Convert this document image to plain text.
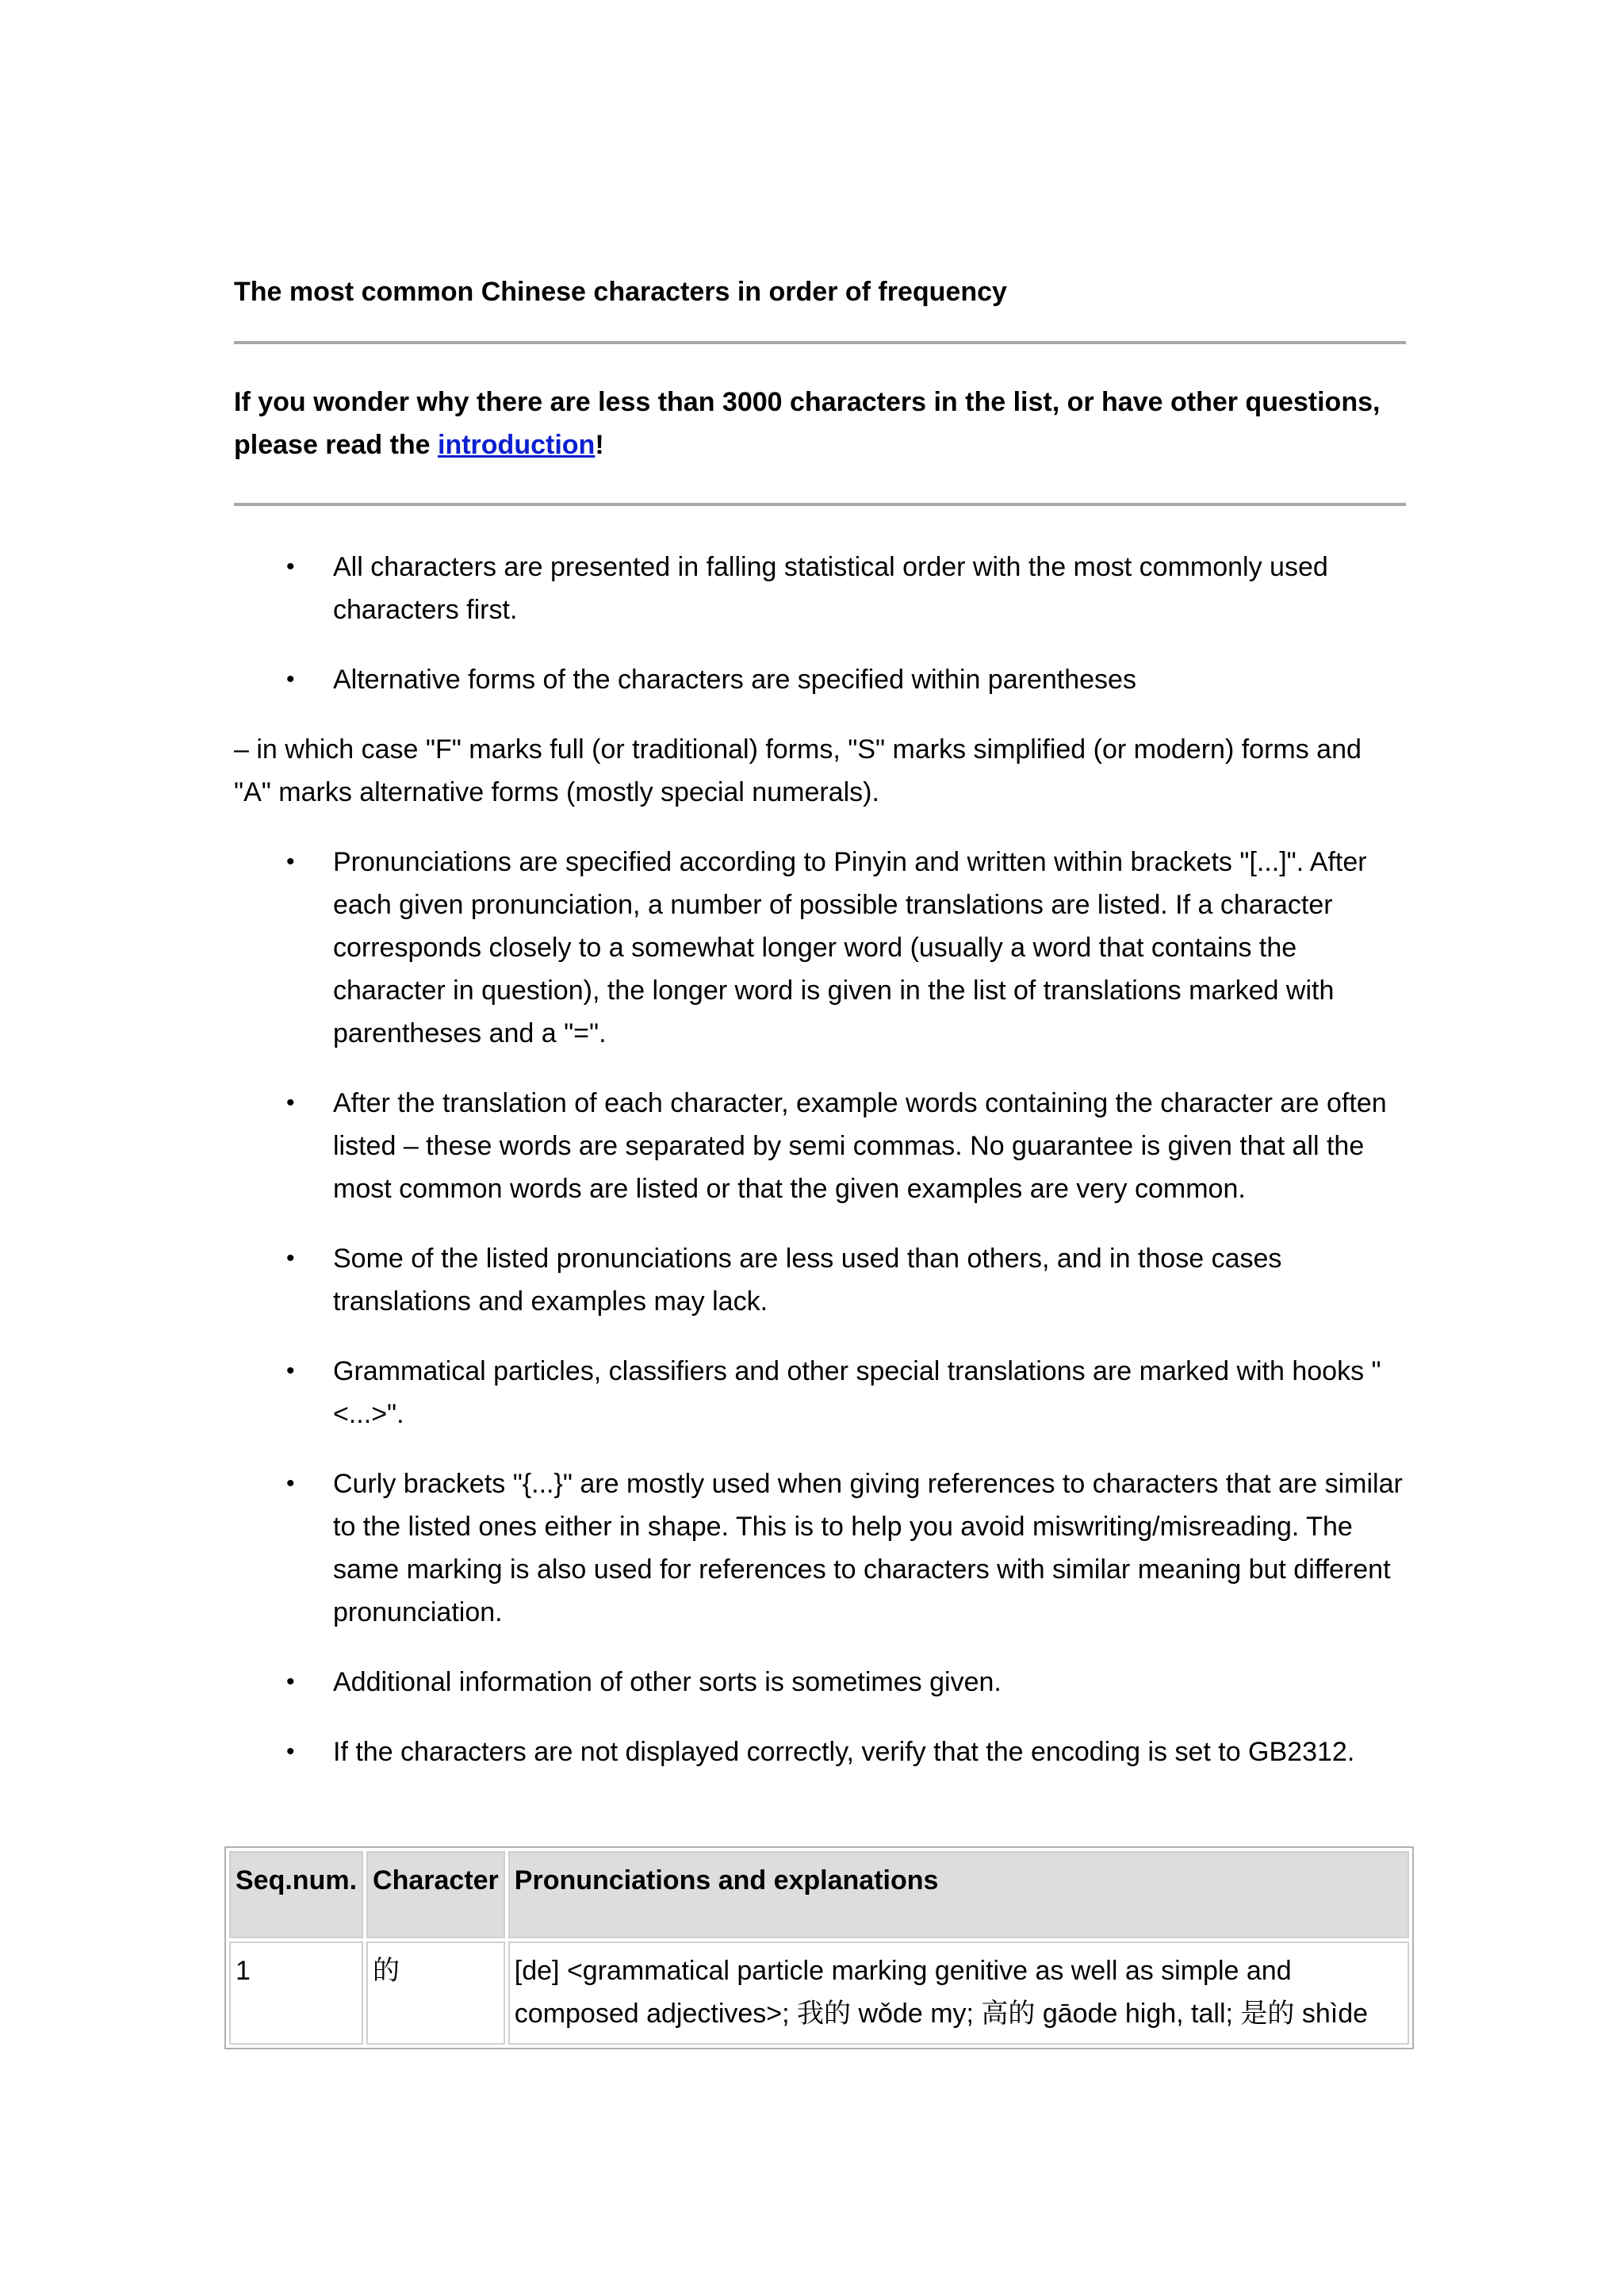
The most common Chinese characters in order of frequency

If you wonder why there are less than 3000 characters in the list, or have other questions, please read the introduction!

• All characters are presented in falling statistical order with the most commonly used characters first.
• Alternative forms of the characters are specified within parentheses

– in which case "F" marks full (or traditional) forms, "S" marks simplified (or modern) forms and "A" marks alternative forms (mostly special numerals).

• Pronunciations are specified according to Pinyin and written within brackets "[...]". After each given pronunciation, a number of possible translations are listed. If a character corresponds closely to a somewhat longer word (usually a word that contains the character in question), the longer word is given in the list of translations marked with parentheses and a "=".
• After the translation of each character, example words containing the character are often listed – these words are separated by semi commas. No guarantee is given that all the most common words are listed or that the given examples are very common.
• Some of the listed pronunciations are less used than others, and in those cases translations and examples may lack.
• Grammatical particles, classifiers and other special translations are marked with hooks "<...>".
• Curly brackets "{...}" are mostly used when giving references to characters that are similar to the listed ones either in shape. This is to help you avoid miswriting/misreading. The same marking is also used for references to characters with similar meaning but different pronunciation.
• Additional information of other sorts is sometimes given.
• If the characters are not displayed correctly, verify that the encoding is set to GB2312.
Seq.num.	Character	Pronunciations and explanations
1	的	[de] <grammatical particle marking genitive as well as simple and composed adjectives>; 我的 wǒde my; 高的 gāode high, tall; 是的 shìde
